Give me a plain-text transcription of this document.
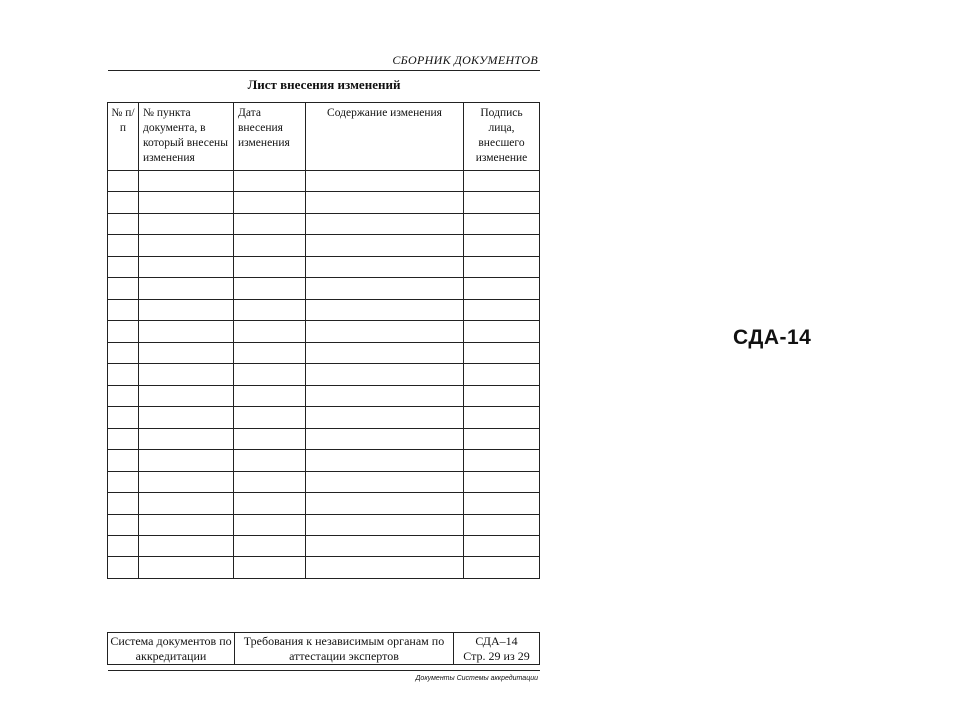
СБОРНИК ДОКУМЕНТОВ
Лист внесения изменений
№ п/п	№ пункта документа, в который внесены изменения	Дата внесения изменения	Содержание изменения	Подпись лица, внесшего изменение

Система документов по аккредитации	Требования к независимым органам по аттестации экспертов	
СДА–14
Стр. 29 из 29
Документы Системы аккредитации
СДА-14
